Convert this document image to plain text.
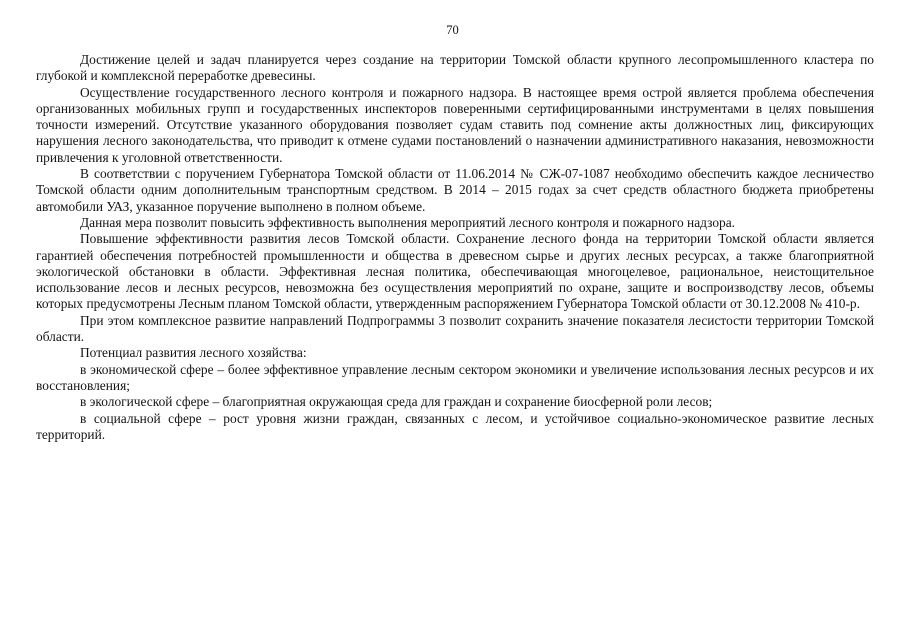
70

Достижение целей и задач планируется через создание на территории Томской области крупного лесопромышленного кластера по глубокой и комплексной переработке древесины.

Осуществление государственного лесного контроля и пожарного надзора. В настоящее время острой является проблема обеспечения организованных мобильных групп и государственных инспекторов поверенными сертифицированными инструментами в целях повышения точности измерений. Отсутствие указанного оборудования позволяет судам ставить под сомнение акты должностных лиц, фиксирующих нарушения лесного законодательства, что приводит к отмене судами постановлений о назначении административного наказания, невозможности привлечения к уголовной ответственности.

В соответствии с поручением Губернатора Томской области от 11.06.2014 № СЖ-07-1087 необходимо обеспечить каждое лесничество Томской области одним дополнительным транспортным средством. В 2014 – 2015 годах за счет средств областного бюджета приобретены автомобили УАЗ, указанное поручение выполнено в полном объеме.

Данная мера позволит повысить эффективность выполнения мероприятий лесного контроля и пожарного надзора.

Повышение эффективности развития лесов Томской области. Сохранение лесного фонда на территории Томской области является гарантией обеспечения потребностей промышленности и общества в древесном сырье и других лесных ресурсах, а также благоприятной экологической обстановки в области. Эффективная лесная политика, обеспечивающая многоцелевое, рациональное, неистощительное использование лесов и лесных ресурсов, невозможна без осуществления мероприятий по охране, защите и воспроизводству лесов, объемы которых предусмотрены Лесным планом Томской области, утвержденным распоряжением Губернатора Томской области от 30.12.2008 № 410-р.

При этом комплексное развитие направлений Подпрограммы 3 позволит сохранить значение показателя лесистости территории Томской области.

Потенциал развития лесного хозяйства:

в экономической сфере – более эффективное управление лесным сектором экономики и увеличение использования лесных ресурсов и их восстановления;

в экологической сфере – благоприятная окружающая среда для граждан и сохранение биосферной роли лесов;

в социальной сфере – рост уровня жизни граждан, связанных с лесом, и устойчивое социально-экономическое развитие лесных территорий.
